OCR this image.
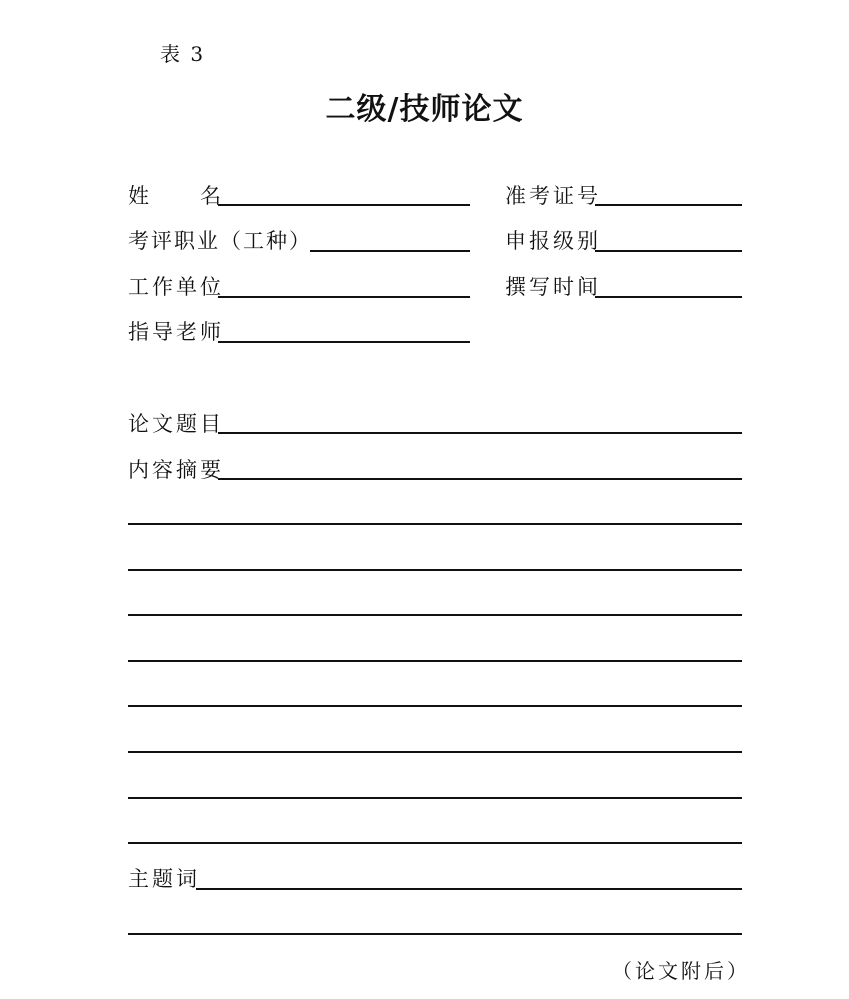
表 3
二级/技师论文
姓　　名	准考证号
考评职业（工种）	申报级别
工作单位	撰写时间
指导老师
论文题目
内容摘要
主题词
（论文附后）
